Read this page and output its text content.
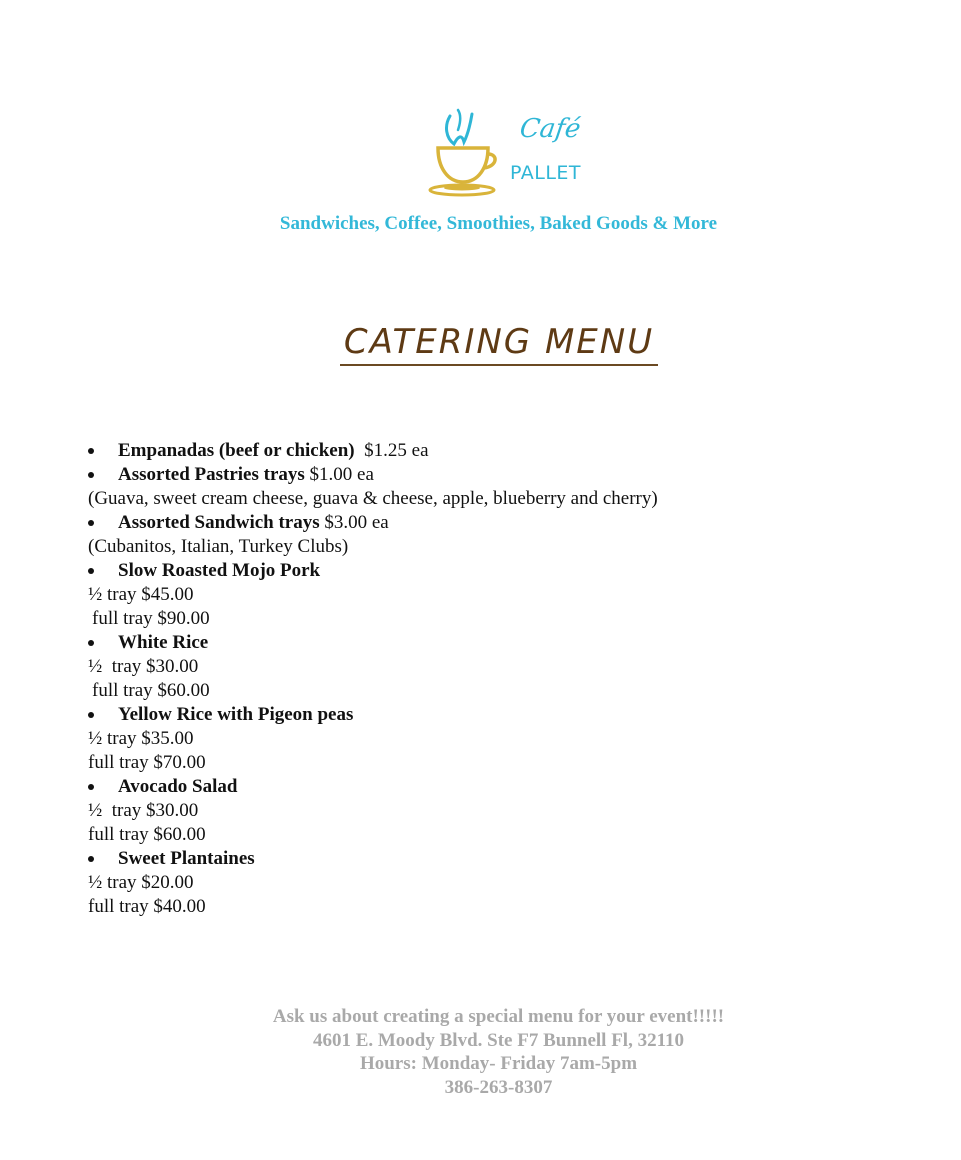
Café
PALLET
Sandwiches, Coffee, Smoothies, Baked Goods & More
CATERING MENU
Empanadas (beef or chicken) $1.25 ea
Assorted Pastries trays $1.00 ea
(Guava, sweet cream cheese, guava & cheese, apple, blueberry and cherry)
Assorted Sandwich trays $3.00 ea
(Cubanitos, Italian, Turkey Clubs)
Slow Roasted Mojo Pork
½ tray $45.00
full tray $90.00
White Rice
½  tray $30.00
full tray $60.00
Yellow Rice with Pigeon peas
½ tray $35.00
full tray $70.00
Avocado Salad
½  tray $30.00
full tray $60.00
Sweet Plantaines
½ tray $20.00
full tray $40.00
Ask us about creating a special menu for your event!!!!!
4601 E. Moody Blvd. Ste F7 Bunnell Fl, 32110
Hours: Monday- Friday 7am-5pm
386-263-8307
